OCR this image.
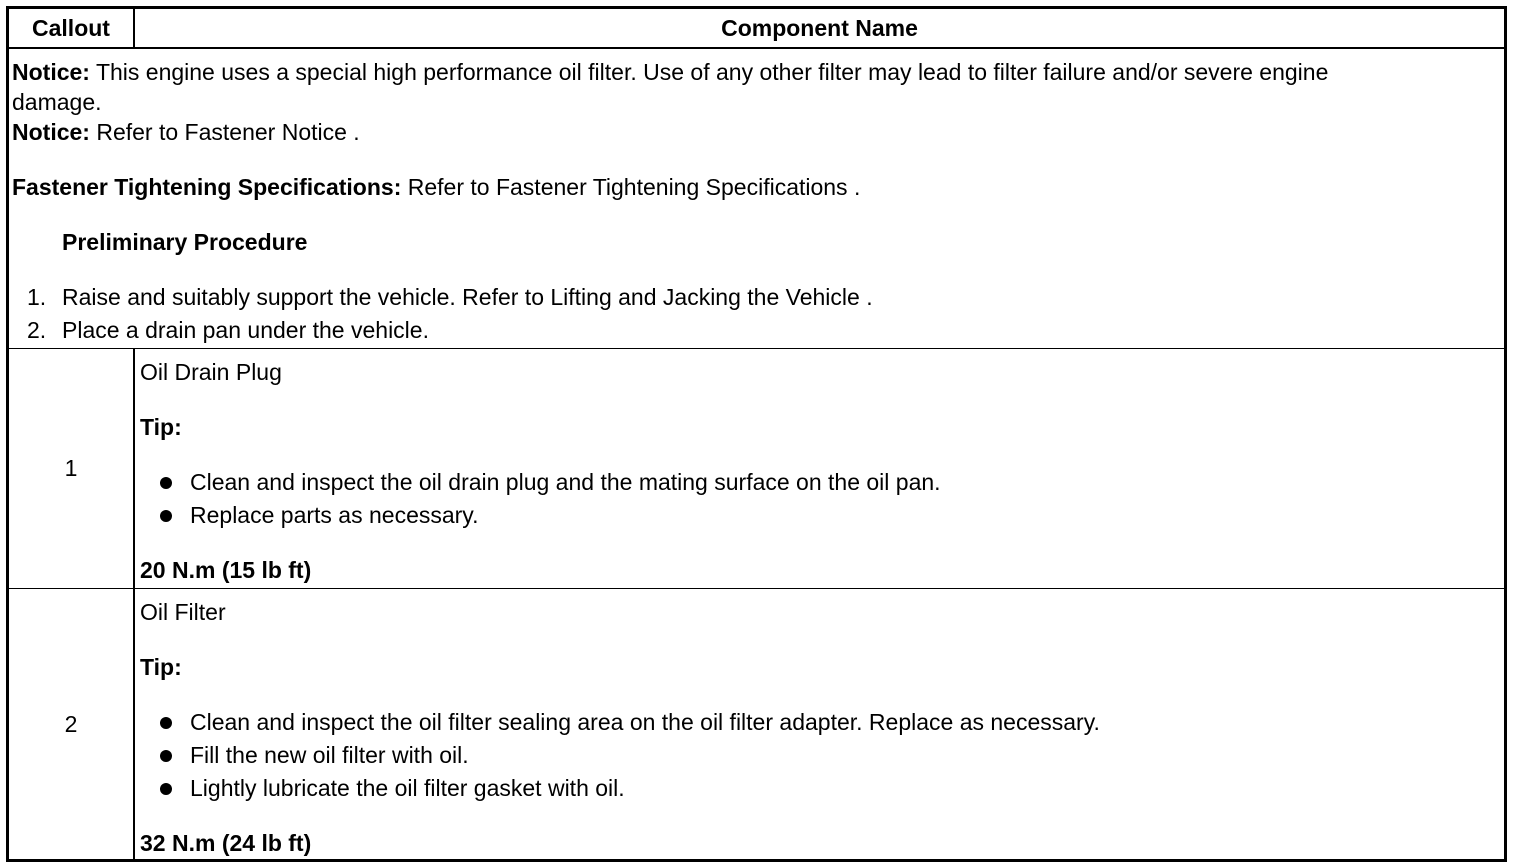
Callout	Component Name
Notice: This engine uses a special high performance oil filter. Use of any other filter may lead to filter failure and/or severe engine
damage.
Notice: Refer to Fastener Notice .
Fastener Tightening Specifications: Refer to Fastener Tightening Specifications .
Preliminary Procedure
1. Raise and suitably support the vehicle. Refer to Lifting and Jacking the Vehicle .
2. Place a drain pan under the vehicle.
1
Oil Drain Plug
Tip:
Clean and inspect the oil drain plug and the mating surface on the oil pan.
Replace parts as necessary.
20 N.m (15 lb ft)
2
Oil Filter
Tip:
Clean and inspect the oil filter sealing area on the oil filter adapter. Replace as necessary.
Fill the new oil filter with oil.
Lightly lubricate the oil filter gasket with oil.
32 N.m (24 lb ft)
